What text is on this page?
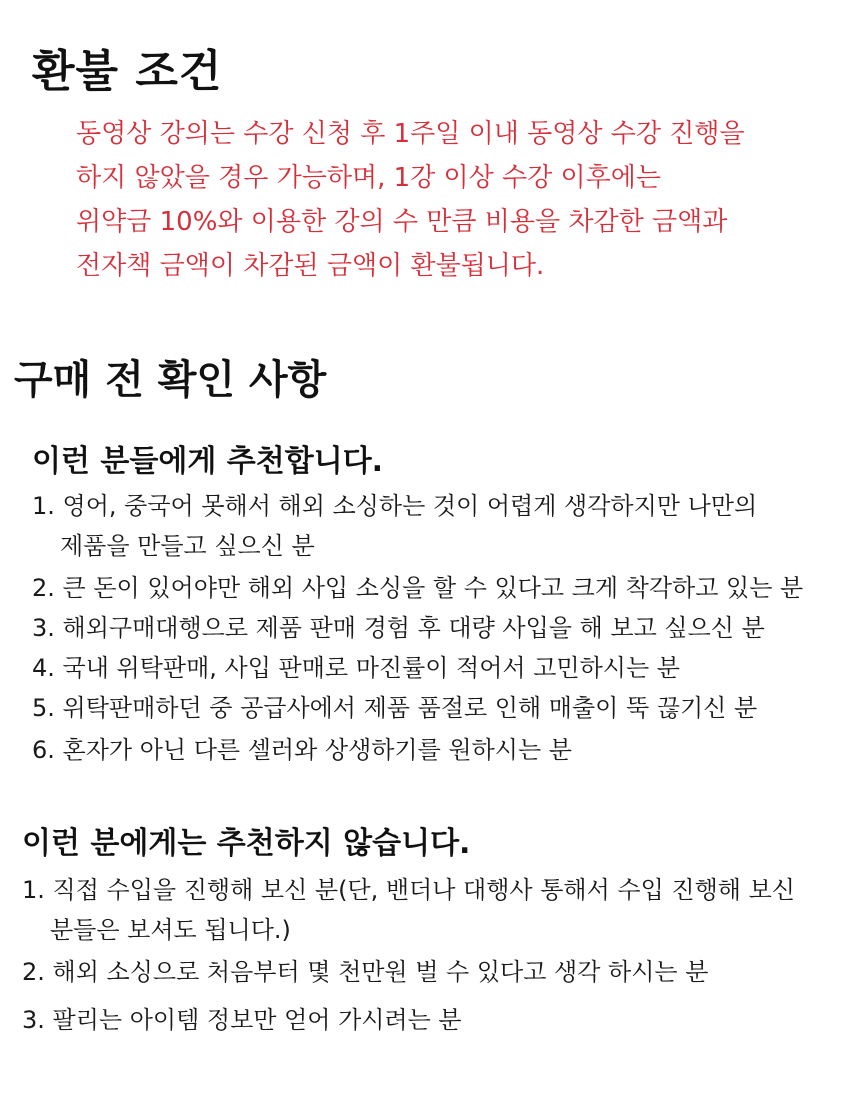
환불 조건
동영상 강의는 수강 신청 후 1주일 이내 동영상 수강 진행을
하지 않았을 경우 가능하며, 1강 이상 수강 이후에는
위약금 10%와 이용한 강의 수 만큼 비용을 차감한 금액과
전자책 금액이 차감된 금액이 환불됩니다.
구매 전 확인 사항
이런 분들에게 추천합니다.
1. 영어, 중국어 못해서 해외 소싱하는 것이 어렵게 생각하지만 나만의
제품을 만들고 싶으신 분
2. 큰 돈이 있어야만 해외 사입 소싱을 할 수 있다고 크게 착각하고 있는 분
3. 해외구매대행으로 제품 판매 경험 후 대량 사입을 해 보고 싶으신 분
4. 국내 위탁판매, 사입 판매로 마진률이 적어서 고민하시는 분
5. 위탁판매하던 중 공급사에서 제품 품절로 인해 매출이 뚝 끊기신 분
6. 혼자가 아닌 다른 셀러와 상생하기를 원하시는 분
이런 분에게는 추천하지 않습니다.
1. 직접 수입을 진행해 보신 분(단, 밴더나 대행사 통해서 수입 진행해 보신
분들은 보셔도 됩니다.)
2. 해외 소싱으로 처음부터 몇 천만원 벌 수 있다고 생각 하시는 분
3. 팔리는 아이템 정보만 얻어 가시려는 분
